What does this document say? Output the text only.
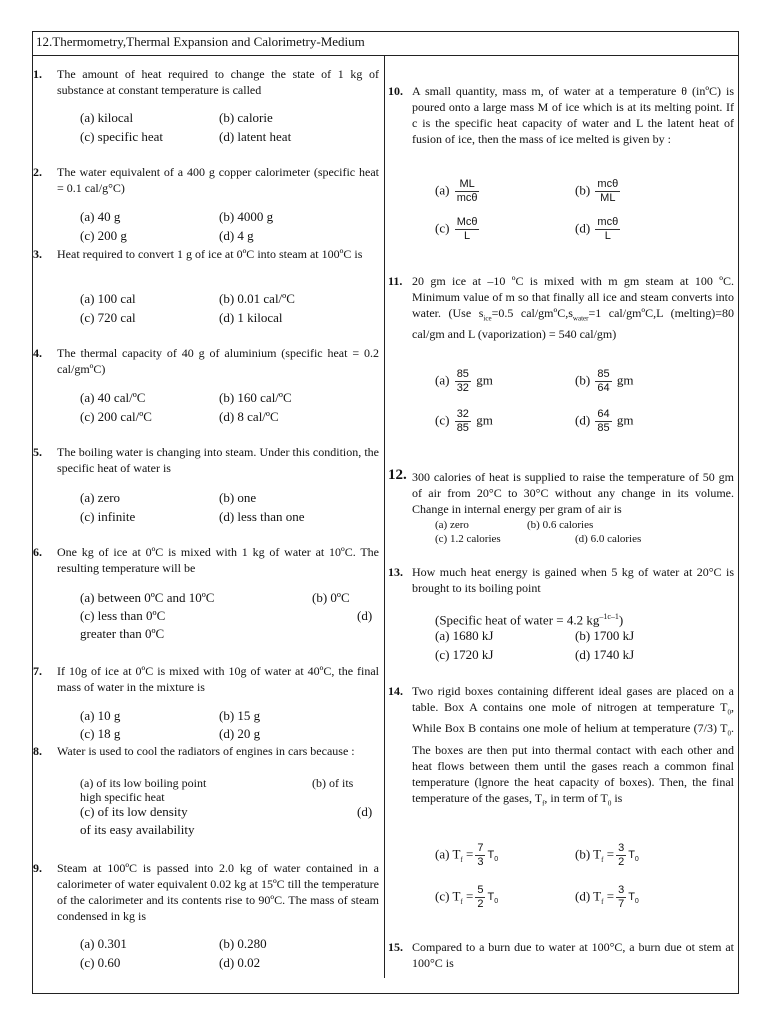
12.Thermometry,Thermal Expansion and Calorimetry-Medium
1. The amount of heat required to change the state of 1 kg of substance at constant temperature is called
(a) kilocal	(b) calorie
(c) specific heat	(d) latent heat
2. The water equivalent of a 400 g copper calorimeter (specific heat = 0.1 cal/g°C)
(a) 40 g	(b) 4000 g
(c) 200 g	(d) 4 g
3. Heat required to convert 1 g of ice at 0ºC into steam at 100ºC is
(a) 100 cal	(b) 0.01 cal/ºC
(c) 720 cal	(d) 1 kilocal
4. The thermal capacity of 40 g of aluminium (specific heat = 0.2 cal/gmºC)
(a) 40 cal/ºC	(b) 160 cal/ºC
(c) 200 cal/ºC	(d) 8 cal/ºC
5. The boiling water is changing into steam. Under this condition, the specific heat of water is
(a) zero	(b) one
(c) infinite	(d) less than one
6. One kg of ice at 0ºC is mixed with 1 kg of water at 10ºC. The resulting temperature will be
(a) between 0ºC and 10ºC	(b) 0ºC
(c) less than 0ºC	(d)
greater than 0ºC
7. If 10g of ice at 0ºC is mixed with 10g of water at 40ºC, the final mass of water in the mixture is
(a) 10 g	(b) 15 g
(c) 18 g	(d) 20 g
8. Water is used to cool the radiators of engines in cars because :
(a) of its low boiling point	(b) of its
high specific heat
(c) of its low density	(d)
of its easy availability
9. Steam at 100ºC is passed into 2.0 kg of water contained in a calorimeter of water equivalent 0.02 kg at 15ºC till the temperature of the calorimeter and its contents rise to 90ºC. The mass of steam condensed in kg is
(a) 0.301	(b) 0.280
(c) 0.60	(d) 0.02
10. A small quantity, mass m, of water at a temperature θ (inºC) is poured onto a large mass M of ice which is at its melting point. If c is the specific heat capacity of water and L the latent heat of fusion of ice, then the mass of ice melted is given by :
$(a) \frac{ML}{\text{mcθ}}$	$(b) \frac{\text{mcθ}}{ML}$
$(c) \frac{\text{Mcθ}}{L}$	$(d) \frac{\text{mcθ}}{L}$
11. 20 gm ice at –10 ºC is mixed with m gm steam at 100 ºC. Minimum value of m so that finally all ice and steam converts into water. (Use $s_{ice}=0.5$ cal/$gmºC,s_{water}=1$ cal/gmºC,L (melting)=80 cal/gm and L (vaporization) = 540 cal/gm)
$(a) \frac{85}{32}$ gm	$(b) \frac{85}{64}$ gm
$(c) \frac{32}{85}$ gm	$(d) \frac{64}{85}$ gm
12. 300 calories of heat is supplied to raise the temperature of 50 gm of air from 20°C to 30°C without any change in its volume. Change in internal energy per gram of air is
(a) zero	(b) 0.6 calories
(c) 1.2 calories	(d) 6.0 calories
13. How much heat energy is gained when 5 kg of water at 20°C is brought to its boiling point
(Specific heat of water = 4.2 $kg^{-1c-1}$)
(a) 1680 kJ	(b) 1700 kJ
(c) 1720 kJ	(d) 1740 kJ
14. Two rigid boxes containing different ideal gases are placed on a table. Box A contains one mole of nitrogen at temperature $T_0$, While Box B contains one mole of helium at temperature (7/3) $T_0$. The boxes are then put into thermal contact with each other and heat flows between them until the gases reach a common final temperature (lgnore the heat capacity of boxes). Then, the final temperature of the gases, $T_f$, in term of $T_0$ is
(a) $T_f = \frac{7}{3} T_0$	(b) $T_f = \frac{3}{2} T_0$
(c) $T_f = \frac{5}{2} T_0$	(d) $T_f = \frac{3}{7} T_0$
15. Compared to a burn due to water at 100°C, a burn due ot stem at 100°C is
